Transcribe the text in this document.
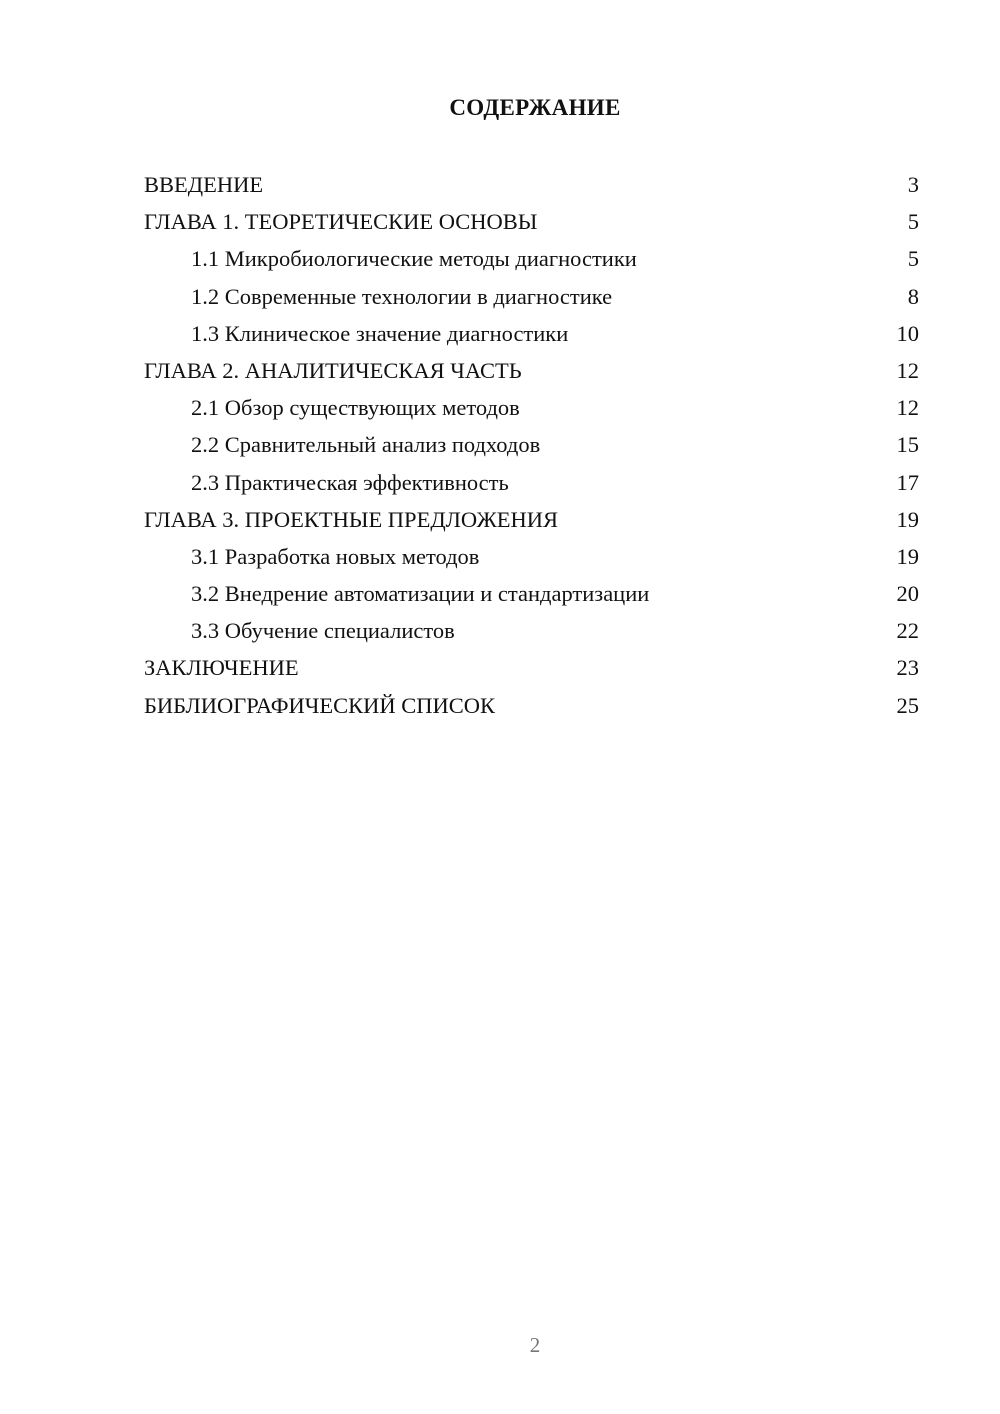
СОДЕРЖАНИЕ
ВВЕДЕНИЕ	3
ГЛАВА 1. ТЕОРЕТИЧЕСКИЕ ОСНОВЫ	5
1.1 Микробиологические методы диагностики	5
1.2 Современные технологии в диагностике	8
1.3 Клиническое значение диагностики	10
ГЛАВА 2. АНАЛИТИЧЕСКАЯ ЧАСТЬ	12
2.1 Обзор существующих методов	12
2.2 Сравнительный анализ подходов	15
2.3 Практическая эффективность	17
ГЛАВА 3. ПРОЕКТНЫЕ ПРЕДЛОЖЕНИЯ	19
3.1 Разработка новых методов	19
3.2 Внедрение автоматизации и стандартизации	20
3.3 Обучение специалистов	22
ЗАКЛЮЧЕНИЕ	23
БИБЛИОГРАФИЧЕСКИЙ СПИСОК	25
2
